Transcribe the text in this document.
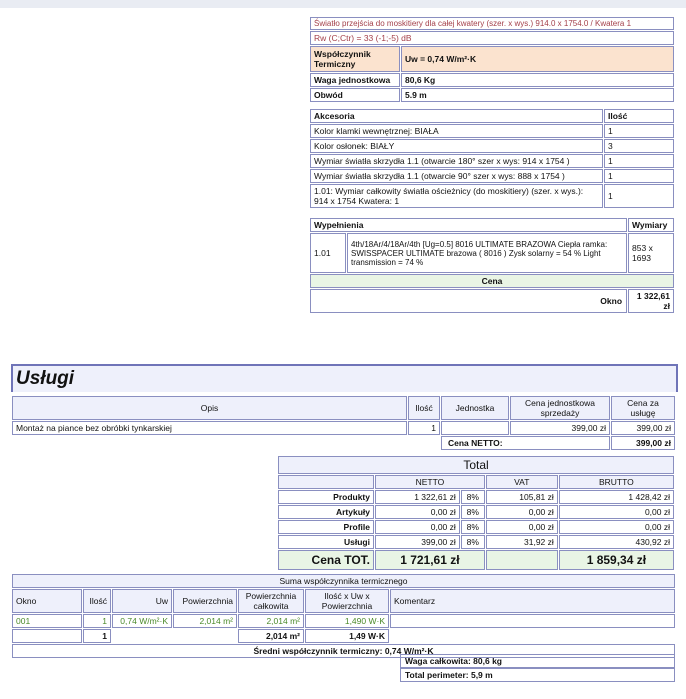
Światło przejścia do moskitiery dla całej kwatery (szer. x wys.) 914.0 x 1754.0 / Kwatera 1	
Rw (C;Ctr) = 33 (-1;-5) dB	
Współczynnik Termiczny	Uw = 0,74 W/m²·K
Waga jednostkowa	80,6 Kg
Obwód	5.9 m
Akcesoria	Ilość
Kolor klamki wewnętrznej: BIAŁA	1
Kolor osłonek: BIAŁY	3
Wymiar światła skrzydła 1.1 (otwarcie 180° szer x wys: 914 x 1754 )	1
Wymiar światła skrzydła 1.1 (otwarcie 90° szer x wys: 888 x 1754 )	1
1.01: Wymiar całkowity światła ościeżnicy (do moskitiery) (szer. x wys.): 914 x 1754 Kwatera: 1	1
Wypełnienia		Wymiary
1.01	4th/18Ar/4/18Ar/4th [Ug=0.5] 8016 ULTIMATE BRAZOWA Ciepła ramka: SWISSPACER ULTIMATE brazowa ( 8016 ) Zysk solarny = 54 % Light transmission = 74 %	853 x 1693
Cena		
Okno		1 322,61 zł
Usługi
Opis	Ilość	Jednostka	Cena jednostkowa sprzedaży	Cena za usługę
Montaż na piance bez obróbki tynkarskiej	1		399,00 zł	399,00 zł
		Cena NETTO:		399,00 zł
Total				
	NETTO		VAT	BRUTTO
Produkty	1 322,61 zł	8%	105,81 zł	1 428,42 zł
Artykuły	0,00 zł	8%	0,00 zł	0,00 zł
Profile	0,00 zł	8%	0,00 zł	0,00 zł
Usługi	399,00 zł	8%	31,92 zł	430,92 zł
Cena TOT.	1 721,61 zł			1 859,34 zł
Suma współczynnika termicznego						
Okno	Ilość	Uw	Powierzchnia	Powierzchnia całkowita	Ilość x Uw x Powierzchnia	Komentarz
001	1	0,74 W/m²·K	2,014 m²	2,014 m²	1,490 W·K	
	1			2,014 m²	1,49 W·K	
Średni współczynnik termiczny: 0,74 W/m²·K						
Waga całkowita: 80,6 kg
Total perimeter: 5,9 m
